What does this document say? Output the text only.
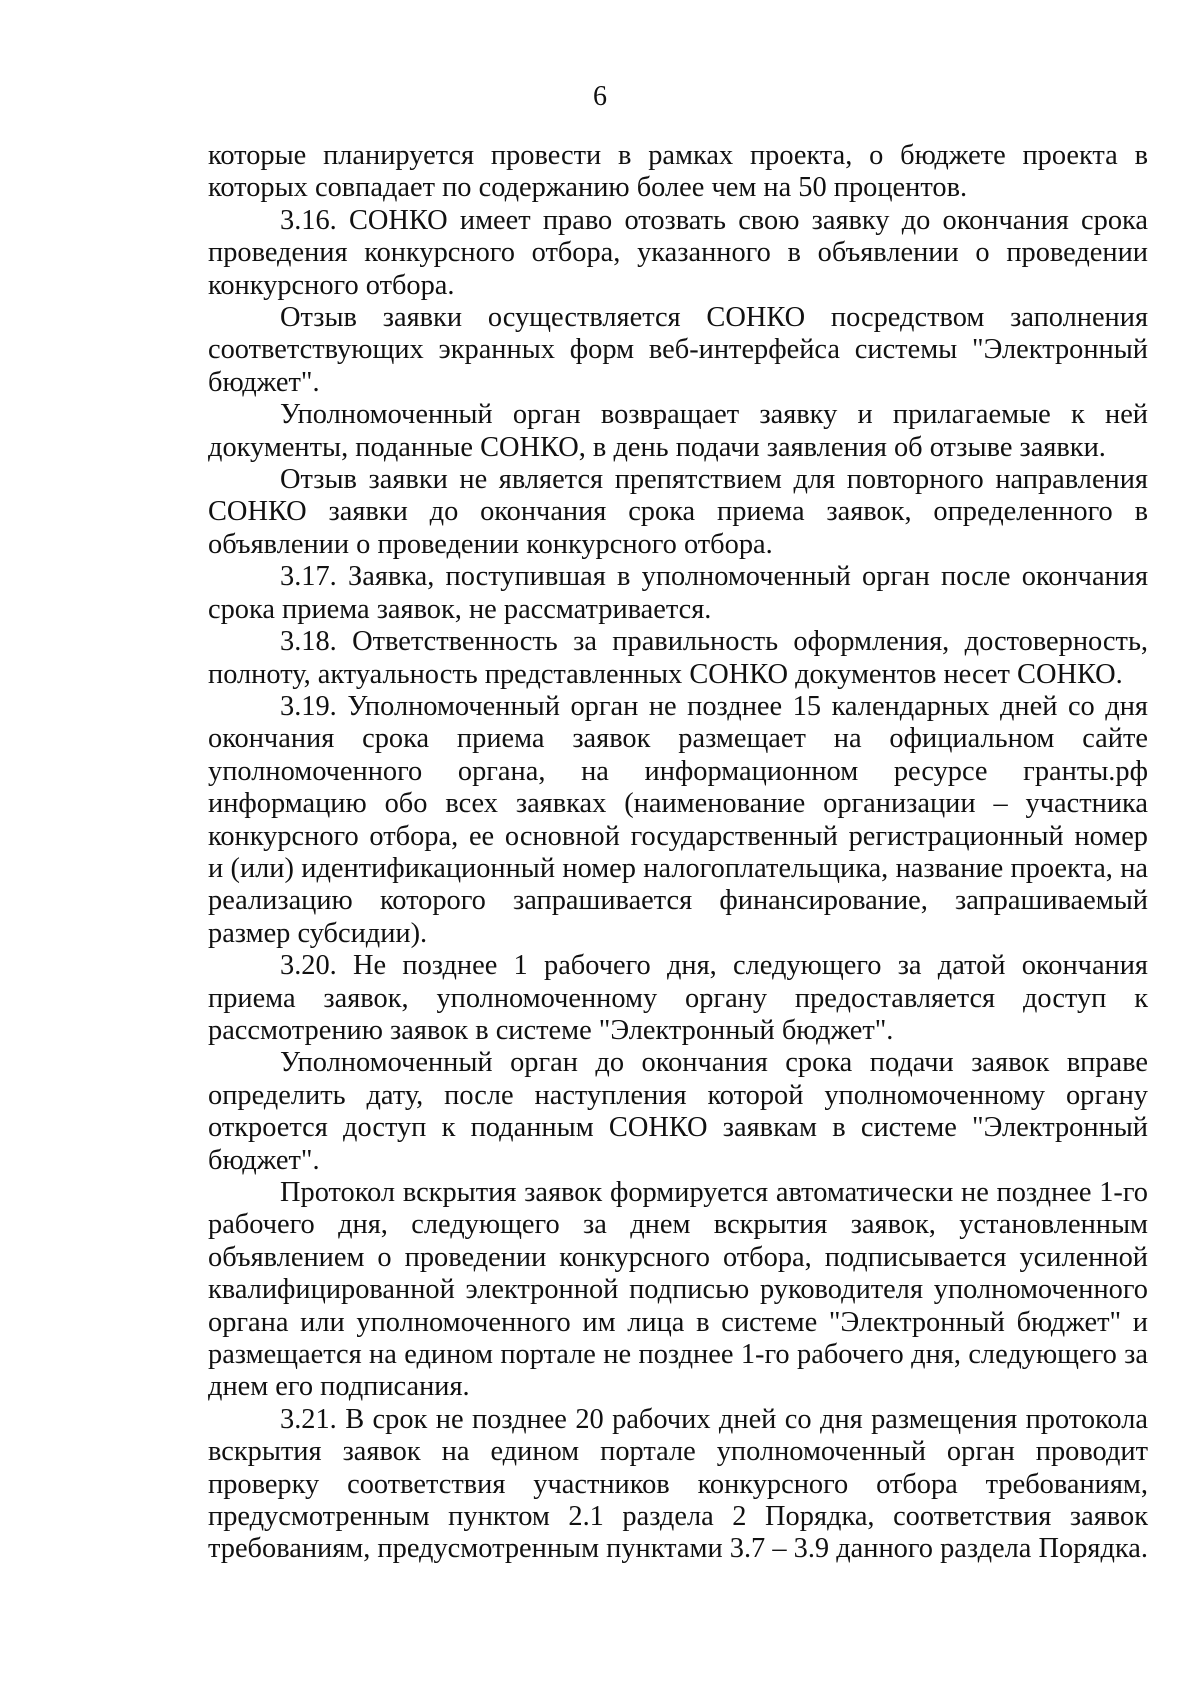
6

которые планируется провести в рамках проекта, о бюджете проекта в которых совпадает по содержанию более чем на 50 процентов.

3.16. СОНКО имеет право отозвать свою заявку до окончания срока проведения конкурсного отбора, указанного в объявлении о проведении конкурсного отбора.

Отзыв заявки осуществляется СОНКО посредством заполнения соответствующих экранных форм веб-интерфейса системы "Электронный бюджет".

Уполномоченный орган возвращает заявку и прилагаемые к ней документы, поданные СОНКО, в день подачи заявления об отзыве заявки.

Отзыв заявки не является препятствием для повторного направления СОНКО заявки до окончания срока приема заявок, определенного в объявлении о проведении конкурсного отбора.

3.17. Заявка, поступившая в уполномоченный орган после окончания срока приема заявок, не рассматривается.

3.18. Ответственность за правильность оформления, достоверность, полноту, актуальность представленных СОНКО документов несет СОНКО.

3.19. Уполномоченный орган не позднее 15 календарных дней со дня окончания срока приема заявок размещает на официальном сайте уполномоченного органа, на информационном ресурсе гранты.рф информацию обо всех заявках (наименование организации – участника конкурсного отбора, ее основной государственный регистрационный номер и (или) идентификационный номер налогоплательщика, название проекта, на реализацию которого запрашивается финансирование, запрашиваемый размер субсидии).

3.20. Не позднее 1 рабочего дня, следующего за датой окончания приема заявок, уполномоченному органу предоставляется доступ к рассмотрению заявок в системе "Электронный бюджет".

Уполномоченный орган до окончания срока подачи заявок вправе определить дату, после наступления которой уполномоченному органу откроется доступ к поданным СОНКО заявкам в системе "Электронный бюджет".

Протокол вскрытия заявок формируется автоматически не позднее 1-го рабочего дня, следующего за днем вскрытия заявок, установленным объявлением о проведении конкурсного отбора, подписывается усиленной квалифицированной электронной подписью руководителя уполномоченного органа или уполномоченного им лица в системе "Электронный бюджет" и размещается на едином портале не позднее 1-го рабочего дня, следующего за днем его подписания.

3.21. В срок не позднее 20 рабочих дней со дня размещения протокола вскрытия заявок на едином портале уполномоченный орган проводит проверку соответствия участников конкурсного отбора требованиям, предусмотренным пунктом 2.1 раздела 2 Порядка, соответствия заявок требованиям, предусмотренным пунктами 3.7 – 3.9 данного раздела Порядка.
